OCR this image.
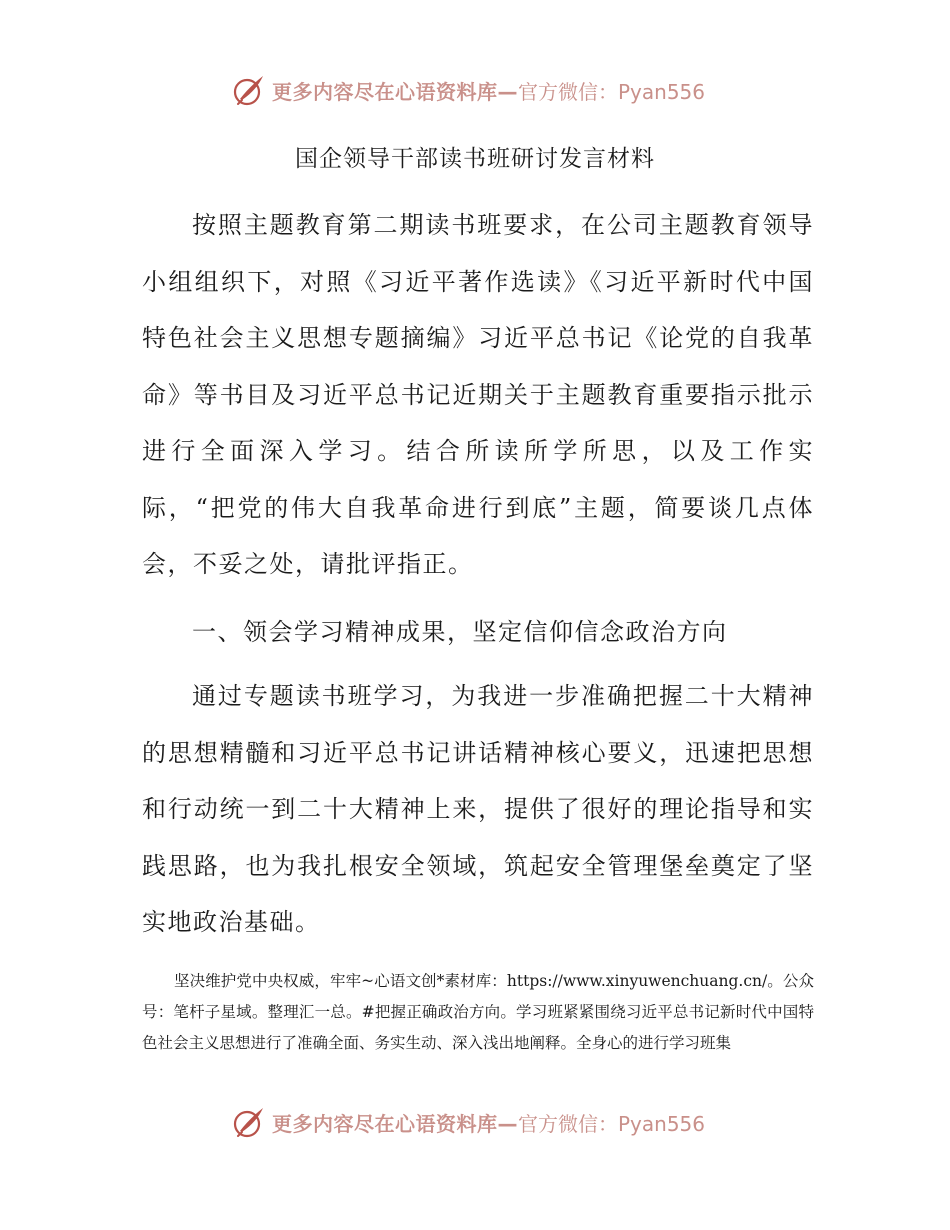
更多内容尽在心语资料库— 官方微信：Pyan556
国企领导干部读书班研讨发言材料

按照主题教育第二期读书班要求，在公司主题教育领导小组组织下，对照《习近平著作选读》《习近平新时代中国特色社会主义思想专题摘编》习近平总书记《论党的自我革命》等书目及习近平总书记近期关于主题教育重要指示批示进行全面深入学习。结合所读所学所思，以及工作实际，“把党的伟大自我革命进行到底”主题，简要谈几点体会，不妥之处，请批评指正。

一、领会学习精神成果，坚定信仰信念政治方向

通过专题读书班学习，为我进一步准确把握二十大精神的思想精髓和习近平总书记讲话精神核心要义，迅速把思想和行动统一到二十大精神上来，提供了很好的理论指导和实践思路，也为我扎根安全领域，筑起安全管理堡垒奠定了坚实地政治基础。

坚决维护党中央权威，牢牢~心语文创*素材库：https://www.xinyuwenchuang.cn/。公众号：笔杆子星域。整理汇一总。#把握正确政治方向。学习班紧紧围绕习近平总书记新时代中国特色社会主义思想进行了准确全面、务实生动、深入浅出地阐释。全身心的进行学习班集

更多内容尽在心语资料库— 官方微信：Pyan556
